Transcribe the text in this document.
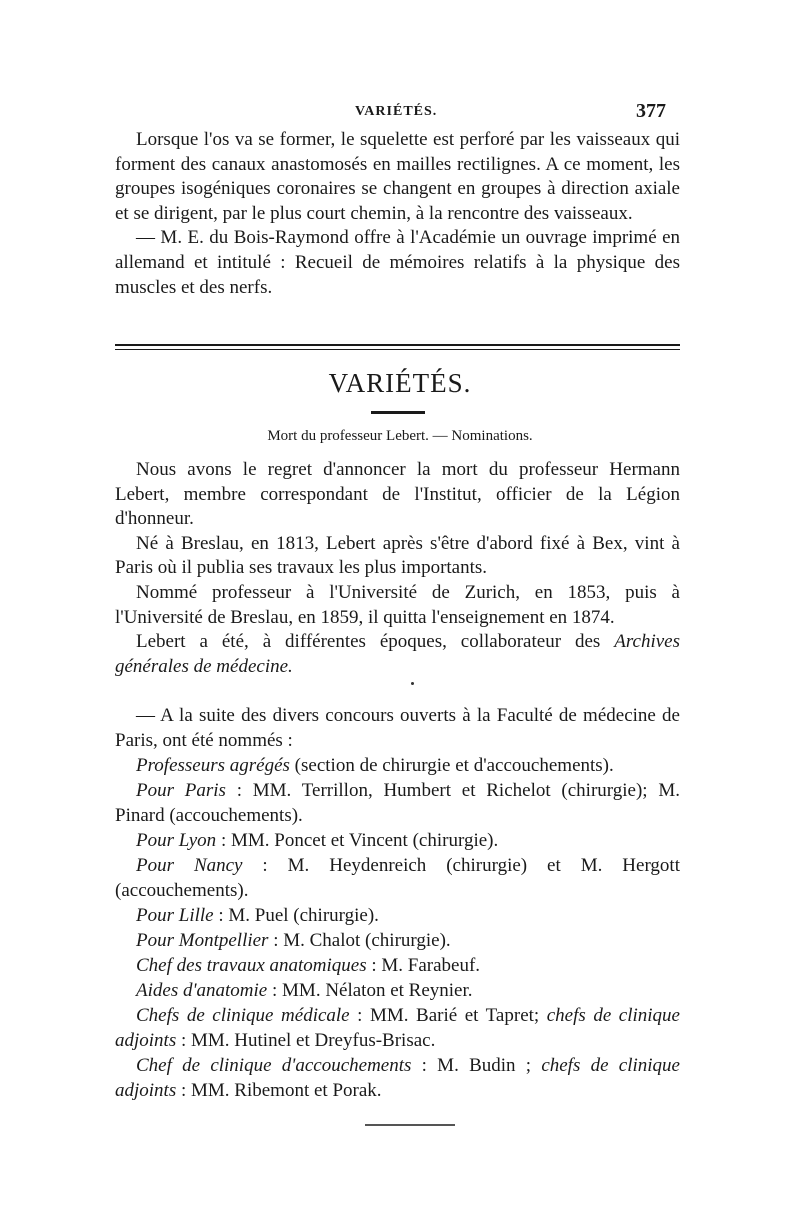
VARIÉTÉS.	377

Lorsque l'os va se former, le squelette est perforé par les vaisseaux qui forment des canaux anastomosés en mailles rectilignes. A ce moment, les groupes isogéniques coronaires se changent en groupes à direction axiale et se dirigent, par le plus court chemin, à la rencontre des vaisseaux.

— M. E. du Bois-Raymond offre à l'Académie un ouvrage imprimé en allemand et intitulé : Recueil de mémoires relatifs à la physique des muscles et des nerfs.

VARIÉTÉS.
Mort du professeur Lebert. — Nominations.

Nous avons le regret d'annoncer la mort du professeur Hermann Lebert, membre correspondant de l'Institut, officier de la Légion d'honneur.

Né à Breslau, en 1813, Lebert après s'être d'abord fixé à Bex, vint à Paris où il publia ses travaux les plus importants.

Nommé professeur à l'Université de Zurich, en 1853, puis à l'Université de Breslau, en 1859, il quitta l'enseignement en 1874.

Lebert a été, à différentes époques, collaborateur des Archives générales de médecine.

— A la suite des divers concours ouverts à la Faculté de médecine de Paris, ont été nommés :

Professeurs agrégés (section de chirurgie et d'accouchements).

Pour Paris : MM. Terrillon, Humbert et Richelot (chirurgie); M. Pinard (accouchements).

Pour Lyon : MM. Poncet et Vincent (chirurgie).

Pour Nancy : M. Heydenreich (chirurgie) et M. Hergott (accouchements).

Pour Lille : M. Puel (chirurgie).

Pour Montpellier : M. Chalot (chirurgie).

Chef des travaux anatomiques : M. Farabeuf.

Aides d'anatomie : MM. Nélaton et Reynier.

Chefs de clinique médicale : MM. Barié et Tapret; chefs de clinique adjoints : MM. Hutinel et Dreyfus-Brisac.

Chef de clinique d'accouchements : M. Budin ; chefs de clinique adjoints : MM. Ribemont et Porak.
